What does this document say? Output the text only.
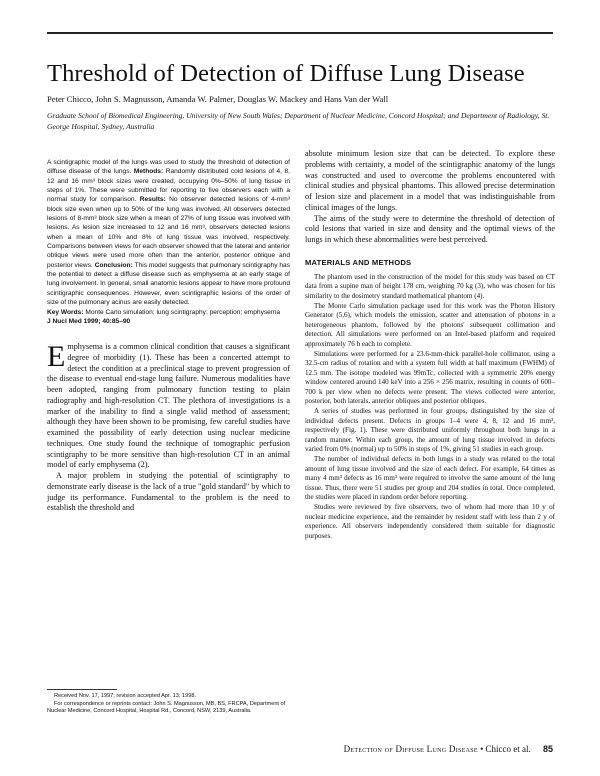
Threshold of Detection of Diffuse Lung Disease
Peter Chicco, John S. Magnusson, Amanda W. Palmer, Douglas W. Mackey and Hans Van der Wall
Graduate School of Biomedical Engineering, University of New South Wales; Department of Nuclear Medicine, Concord Hospital; and Department of Radiology, St. George Hospital, Sydney, Australia

A scintigraphic model of the lungs was used to study the threshold of detection of diffuse disease of the lungs. Methods: Randomly distributed cold lesions of 4, 8, 12 and 16 mm³ block sizes were created, occupying 0%–50% of lung tissue in steps of 1%. These were submitted for reporting to five observers each with a normal study for comparison. Results: No observer detected lesions of 4-mm³ block size even when up to 50% of the lung was involved. All observers detected lesions of 8-mm³ block size when a mean of 27% of lung tissue was involved with lesions. As lesion size increased to 12 and 16 mm³, observers detected lesions when a mean of 10% and 8% of lung tissue was involved, respectively. Comparisons between views for each observer showed that the lateral and anterior oblique views were used more often than the anterior, posterior oblique and posterior views. Conclusion: This model suggests that pulmonary scintigraphy has the potential to detect a diffuse disease such as emphysema at an early stage of lung involvement. In general, small anatomic lesions appear to have more profound scintigraphic consequences. However, even scintigraphic lesions of the order of size of the pulmonary acinus are easily detected.

Key Words: Monte Carlo simulation; lung scintigraphy; perception; emphysema

J Nucl Med 1999; 40:85–90

Emphysema is a common clinical condition that causes a significant degree of morbidity (1). These has been a concerted attempt to detect the condition at a preclinical stage to prevent progression of the disease to eventual end-stage lung failure. Numerous modalities have been adopted, ranging from pulmonary function testing to plain radiography and high-resolution CT. The plethora of investigations is a marker of the inability to find a single valid method of assessment; although they have been shown to be promising, few careful studies have examined the possibility of early detection using nuclear medicine techniques. One study found the technique of tomographic perfusion scintigraphy to be more sensitive than high-resolution CT in an animal model of early emphysema (2).

A major problem in studying the potential of scintigraphy to demonstrate early disease is the lack of a true "gold standard" by which to judge its performance. Fundamental to the problem is the need to establish the threshold and

Received Nov. 17, 1997; revision accepted Apr. 13, 1998.

For correspondence or reprints contact: John S. Magnusson, MB, BS, FRCPA, Department of Nuclear Medicine, Concord Hospital, Hospital Rd., Concord, NSW, 2139, Australia.

absolute minimum lesion size that can be detected. To explore these problems with certainty, a model of the scintigraphic anatomy of the lungs was constructed and used to overcome the problems encountered with clinical studies and physical phantoms. This allowed precise determination of lesion size and placement in a model that was indistinguishable from clinical images of the lungs.

The aims of the study were to determine the threshold of detection of cold lesions that varied in size and density and the optimal views of the lungs in which these abnormalities were best perceived.

MATERIALS AND METHODS

The phantom used in the construction of the model for this study was based on CT data from a supine man of height 178 cm, weighing 70 kg (3), who was chosen for his similarity to the dosimetry standard mathematical phantom (4).

The Monte Carlo simulation package used for this work was the Photon History Generator (5,6), which models the emission, scatter and attenuation of photons in a heterogeneous phantom, followed by the photons' subsequent collimation and detection. All simulations were performed on an Intel-based platform and required approximately 76 h each to complete.

Simulations were performed for a 23.6-mm-thick parallel-hole collimator, using a 32.5-cm radius of rotation and with a system full width at half maximum (FWHM) of 12.5 mm. The isotope modeled was 99mTc, collected with a symmetric 20% energy window centered around 140 keV into a 256 × 256 matrix, resulting in counts of 600–700 k per view when no defects were present. The views collected were anterior, posterior, both laterals, anterior obliques and posterior obliques.

A series of studies was performed in four groups, distinguished by the size of individual defects present. Defects in groups 1–4 were 4, 8, 12 and 16 mm³, respectively (Fig. 1). These were distributed uniformly throughout both lungs in a random manner. Within each group, the amount of lung tissue involved in defects varied from 0% (normal) up to 50% in steps of 1%, giving 51 studies in each group.

The number of individual defects in both lungs in a study was related to the total amount of lung tissue involved and the size of each defect. For example, 64 times as many 4 mm³ defects as 16 mm³ were required to involve the same amount of the lung tissue. Thus, there were 51 studies per group and 204 studies in total. Once completed, the studies were placed in random order before reporting.

Studies were reviewed by five observers, two of whom had more than 10 y of nuclear medicine experience, and the remainder by resident staff with less than 2 y of experience. All observers independently considered them suitable for diagnostic purposes.

Detection of Diffuse Lung Disease • Chicco et al. 85
